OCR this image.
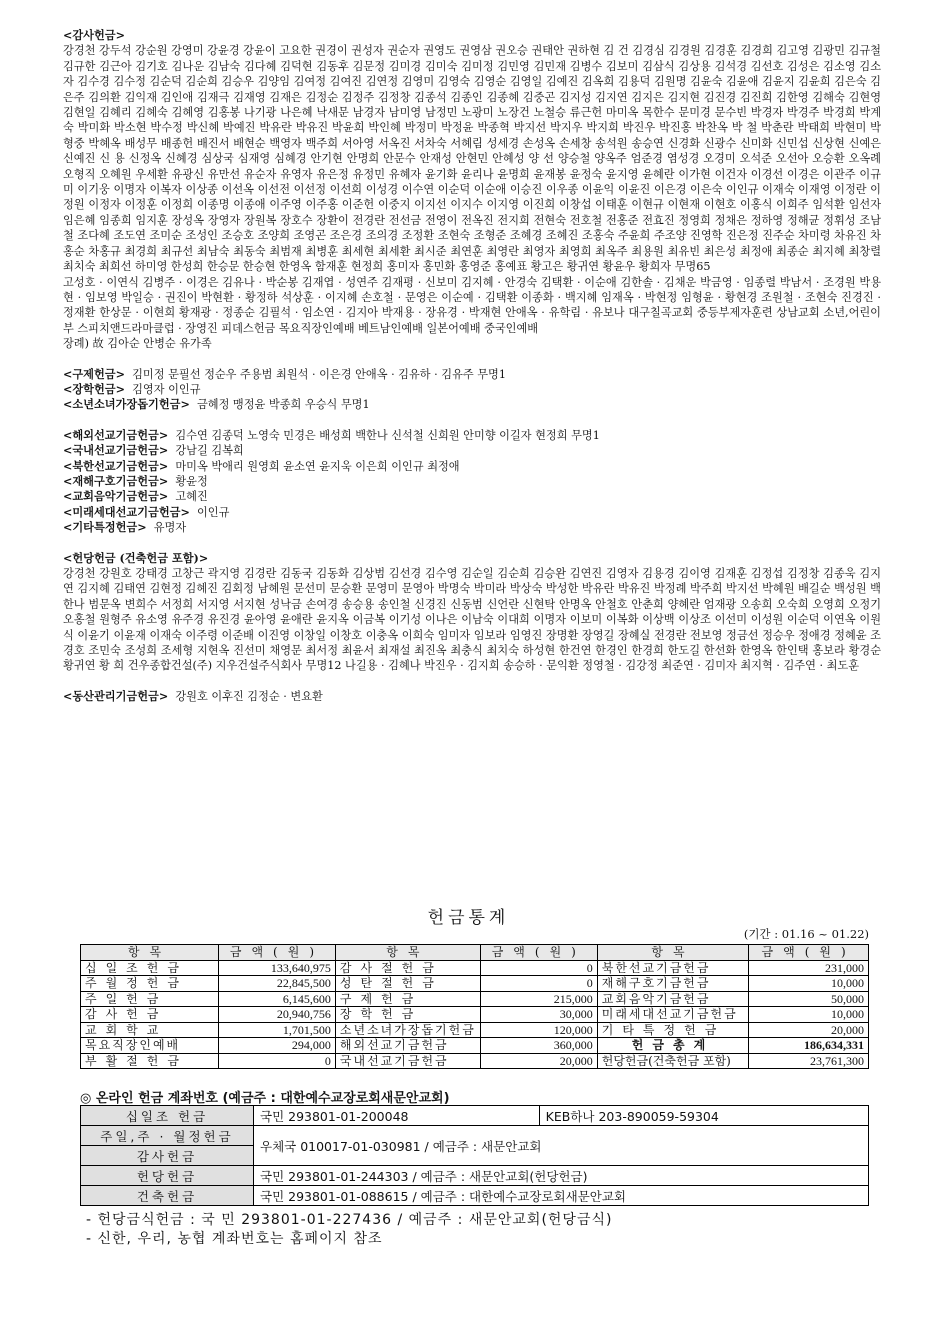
<감사헌금>
강경천 강두석 강순원 강영미 강윤경 강윤이 고요한 권경이 권성자 권순자 권영도 권영삼 권오승 권태안 권하현 김 건 김경심 김경원 김경훈 김경희 김고영 김광민 김규철 김규한 김근아 김기호 김나운 김남숙 김다혜 김덕현 김동후 김문정 김미경 김미숙 김미정 김민영 김민재 김병수 김보미 김삼식 김상용 김석경 김선호 김성은 김소영 김소자 김수경 김수정 김순덕 김순희 김승우 김양임 김여정 김여진 김연정 김영미 김영숙 김영순 김영일 김예진 김옥희 김용덕 김원명 김윤숙 김윤애 김윤지 김윤희 김은숙 김은주 김의환 김익재 김인애 김재극 김재영 김재은 김정순 김정주 김정창 김종석 김종인 김종혜 김중곤 김지성 김지연 김지은 김지현 김진경 김진희 김한영 김해숙 김현영 김현일 김혜리 김혜숙 김혜영 김홍봉 나기광 나은혜 낙새문 남경자 남미영 남정민 노광미 노장건 노철승 류근헌 마미옥 목한수 문미경 문수빈 박경자 박경주 박경희 박계숙 박미화 박소현 박수정 박신혜 박예진 박유란 박유진 박윤희 박인혜 박정미 박정윤 박종혁 박지선 박지우 박지희 박진우 박진홍 박찬옥 박 철 박춘란 박태희 박현미 박형중 박혜옥 배성무 배종헌 배진서 배현순 백영자 백주희 서아영 서옥진 서차숙 서혜림 성세경 손성옥 손세창 송석원 송승연 신경화 신광수 신미화 신민섭 신상현 신예은 신예진 신 용 신정옥 신혜경 심상국 심재영 심혜경 안기현 안명희 안문수 안재성 안현민 안혜성 양 선 양승철 양옥주 엄준경 염성경 오경미 오석준 오선아 오승환 오옥례 오형직 오혜원 우세환 유광신 유만선 유순자 유영자 유은정 유정민 유혜자 윤기화 윤리나 윤명희 윤재봉 윤정숙 윤지영 윤혜란 이가현 이건자 이경선 이경은 이관주 이규미 이기웅 이명자 이복자 이상종 이선옥 이선전 이선정 이선희 이성경 이수연 이순덕 이순애 이승진 이우종 이윤익 이윤진 이은경 이은숙 이인규 이재숙 이재영 이정란 이정원 이정자 이정훈 이정희 이종명 이종애 이주영 이주홍 이준헌 이중지 이지선 이지수 이지영 이진희 이창섭 이태훈 이현규 이현재 이현호 이홍식 이희주 임석환 임선자 임은혜 임종희 임지훈 장성옥 장영자 장원복 장호수 장환이 전경란 전선금 전영이 전옥진 전지희 전현숙 전호철 전홍준 전효진 정영희 정채은 정하영 정해균 정휘성 조남철 조다혜 조도연 조미순 조성인 조승호 조양희 조영곤 조은경 조의경 조정환 조현숙 조형준 조혜경 조혜진 조홍숙 주윤희 주조양 진영학 진은정 진주순 차미령 차유진 차홍순 차홍규 최경희 최규선 최남숙 최동숙 최범재 최병훈 최세현 최세환 최시준 최연훈 최영란 최영자 최영희 최옥주 최용원 최유빈 최은성 최정애 최종순 최지혜 최창렬 최치숙 최희선 하미영 한성희 한승문 한승현 한영옥 함재훈 현정희 홍미자 홍민화 홍영준 홍예표 황고은 황귀연 황윤우 황희자 무명65
고성호 · 이연식 김병주 · 이경은 김유나 · 박순봉 김재엽 · 성연주 김재평 · 신보미 김지혜 · 안경숙 김택환 · 이순애 김한솔 · 김채운 박금영 · 임종렬 박남서 · 조경원 박용현 · 임보영 박일승 · 권진이 박현환 · 황정하 석상훈 · 이지혜 손호철 · 문영은 이순예 · 김택환 이종화 · 백지혜 임재옥 · 박현정 임형윤 · 황현경 조원철 · 조현숙 진경진 · 정재환 한상문 · 이현희 황재광 · 정종순 김필석 · 임소연 · 김지아 박재용 · 장유경 · 박재현 안애옥 · 유학림 · 유보나 대구칠곡교회 중등부제자훈련 상남교회 소년,어린이부 스피치앤드라마클럽 · 장영진 피데스헌금 목요직장인예배 베트남인예배 일본어예배 중국인예배
장례) 故 김아순 안병순 유가족
<구제헌금> 김미정 문필선 정순우 주용범 최원석 · 이은경 안애옥 · 김유하 · 김유주 무명1
<장학헌금> 김영자 이인규
<소년소녀가장돕기헌금> 금혜정 맹정윤 박종희 우승식 무명1
<해외선교기금헌금> 김수연 김종덕 노영숙 민경은 배성희 백한나 신석철 신희원 안미향 이길자 현정희 무명1
<국내선교기금헌금> 강남길 김복희
<북한선교기금헌금> 마미옥 박애리 원영희 윤소연 윤지욱 이은희 이인규 최정애
<재해구호기금헌금> 황윤정
<교회음악기금헌금> 고혜진
<미래세대선교기금헌금> 이인규
<기타특정헌금> 유명자
<헌당헌금 (건축헌금 포함)>
강경천 강원호 강태경 고창근 곽지영 김경란 김동국 김동화 김상범 김선경 김수영 김순일 김순희 김승완 김연진 김영자 김용경 김이영 김재훈 김정섭 김정창 김종욱 김지연 김지혜 김태연 김현정 김혜진 김회정 남혜원 문선미 문승환 문영미 문영아 박명숙 박미라 박상숙 박성한 박유란 박유진 박정례 박주희 박지선 박혜원 배길순 백성원 백한나 범문옥 변희수 서정희 서지영 서지현 성낙금 손여경 송승용 송인철 신경진 신동범 신언란 신현탁 안명옥 안철호 안춘희 양혜란 엄재광 오송희 오숙희 오영희 오정기 오홍철 원형주 유소영 유주경 유진경 윤아영 윤애란 윤지옥 이금복 이기성 이나은 이남숙 이대희 이명자 이보미 이복화 이상백 이상조 이선미 이성원 이순덕 이연옥 이원식 이윤기 이윤재 이재숙 이주령 이준배 이진영 이창일 이창호 이충옥 이희숙 임미자 임보라 임영진 장명환 장영길 장혜실 전경란 전보영 정금선 정승우 정애경 정혜윤 조경호 조민숙 조성희 조세형 지현옥 진선미 채영문 최서정 최윤서 최재설 최진옥 최충식 최치숙 하성현 한건연 한경인 한경희 한도길 한선화 한영옥 한인택 홍보라 황경순 황귀연 황 희 건우종합건설(주) 지우건설주식회사 무명12 나길용 · 김혜나 박진우 · 김지희 송승하 · 문익환 정영철 · 김강정 최준연 · 김미자 최지혁 · 김주연 · 최도훈
<동산관리기금헌금> 강원호 이후진 김정순 · 변요환
헌금통계
(기간 : 01.16 ~ 01.22)
항목	금액(원)	항목	금액(원)	항목	금액(원)
십일조헌금	133,640,975	감사절헌금	0	북한선교기금헌금	231,000
주월정헌금	22,845,500	성탄절헌금	0	재해구호기금헌금	10,000
주일헌금	6,145,600	구제헌금	215,000	교회음악기금헌금	50,000
감사헌금	20,940,756	장학헌금	30,000	미래세대선교기금헌금	10,000
교회학교	1,701,500	소년소녀가장돕기헌금	120,000	기타특정헌금	20,000
목요직장인예배	294,000	해외선교기금헌금	360,000	헌금총계	186,634,331
부활절헌금	0	국내선교기금헌금	20,000	헌당헌금(건축헌금 포함)	23,761,300
◎ 온라인 헌금 계좌번호 (예금주 : 대한예수교장로회새문안교회)
십일조 헌금	국민 293801-01-200048	KEB하나 203-890059-59304
주일,주 · 월정헌금	우체국 010017-01-030981 / 예금주 : 새문안교회	
감사헌금		
헌당헌금	국민 293801-01-244303 / 예금주 : 새문안교회(헌당헌금)	
건축헌금	국민 293801-01-088615 / 예금주 : 대한예수교장로회새문안교회	
- 헌당금식헌금 : 국 민 293801-01-227436 / 예금주 : 새문안교회(헌당금식)
- 신한, 우리, 농협 계좌번호는 홈페이지 참조
